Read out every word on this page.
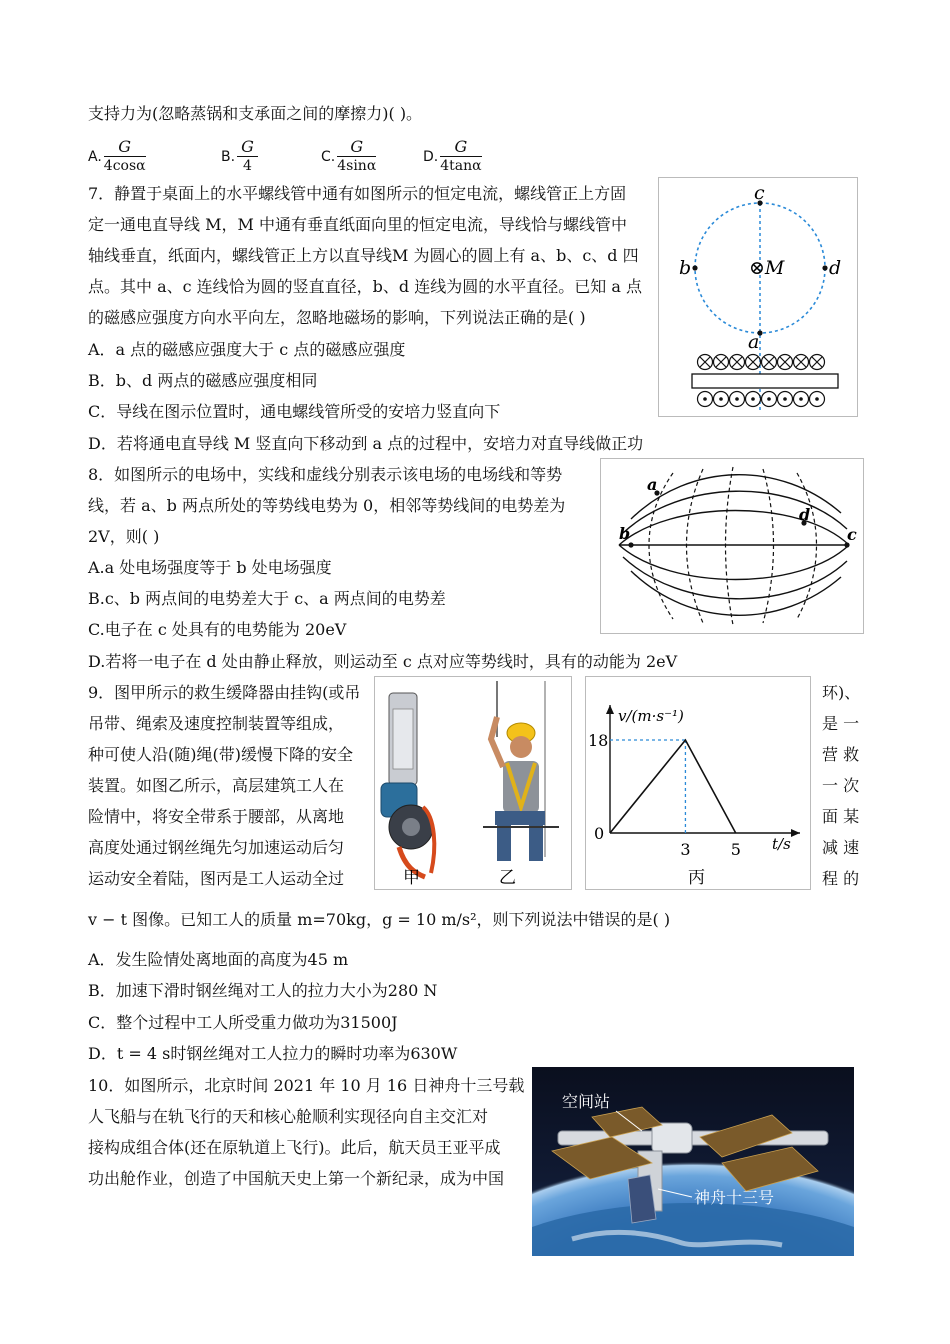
支持力为(忽略蒸锅和支承面之间的摩擦力)( )。
A. $\frac{G}{4\cos\alpha}$	B. $\frac{G}{4}$	C. $\frac{G}{4\sin\alpha}$	D. $\frac{G}{4\tan\alpha}$
7．静置于桌面上的水平螺线管中通有如图所示的恒定电流，螺线管正上方固
定一通电直导线 M，M 中通有垂直纸面向里的恒定电流，导线恰与螺线管中
轴线垂直，纸面内，螺线管正上方以直导线M 为圆心的圆上有 a、b、c、d 四
点。其中 a、c 连线恰为圆的竖直直径，b、d 连线为圆的水平直径。已知 a 点
的磁感应强度方向水平向左，忽略地磁场的影响，下列说法正确的是( )
A．a 点的磁感应强度大于 c 点的磁感应强度
B．b、d 两点的磁感应强度相同
C．导线在图示位置时，通电螺线管所受的安培力竖直向下
D．若将通电直导线 M 竖直向下移动到 a 点的过程中，安培力对直导线做正功
c
b	d
⊗M
a
8．如图所示的电场中，实线和虚线分别表示该电场的电场线和等势
线，若 a、b 两点所处的等势线电势为 0，相邻等势线间的电势差为
2V，则( )
A.a 处电场强度等于 b 处电场强度
B.c、b 两点间的电势差大于 c、a 两点间的电势差
C.电子在 c 处具有的电势能为 20eV
D.若将一电子在 d 处由静止释放，则运动至 c 点对应等势线时，具有的动能为 2eV
a
b	c
d
9．图甲所示的救生缓降器由挂钩(或吊
吊带、绳索及速度控制装置等组成，
种可使人沿(随)绳(带)缓慢下降的安全
装置。如图乙所示，高层建筑工人在
险情中，将安全带系于腰部，从离地
高度处通过钢丝绳先匀加速运动后匀
运动安全着陆，图丙是工人运动全过
环)、
是 一
营 救
一 次
面 某
减 速
程 的
甲	乙
v/(m·s⁻¹)
t/s
0
3	5
18
丙
v − t 图像。已知工人的质量 m=70kg，g = 10 m/s²，则下列说法中错误的是( )
A．发生险情处离地面的高度为45 m
B．加速下滑时钢丝绳对工人的拉力大小为280 N
C．整个过程中工人所受重力做功为31500J
D．t = 4 s时钢丝绳对工人拉力的瞬时功率为630W
10．如图所示，北京时间 2021 年 10 月 16 日神舟十三号载
人飞船与在轨飞行的天和核心舱顺利实现径向自主交汇对
接构成组合体(还在原轨道上飞行)。此后，航天员王亚平成
功出舱作业，创造了中国航天史上第一个新纪录，成为中国
空间站
神舟十三号
